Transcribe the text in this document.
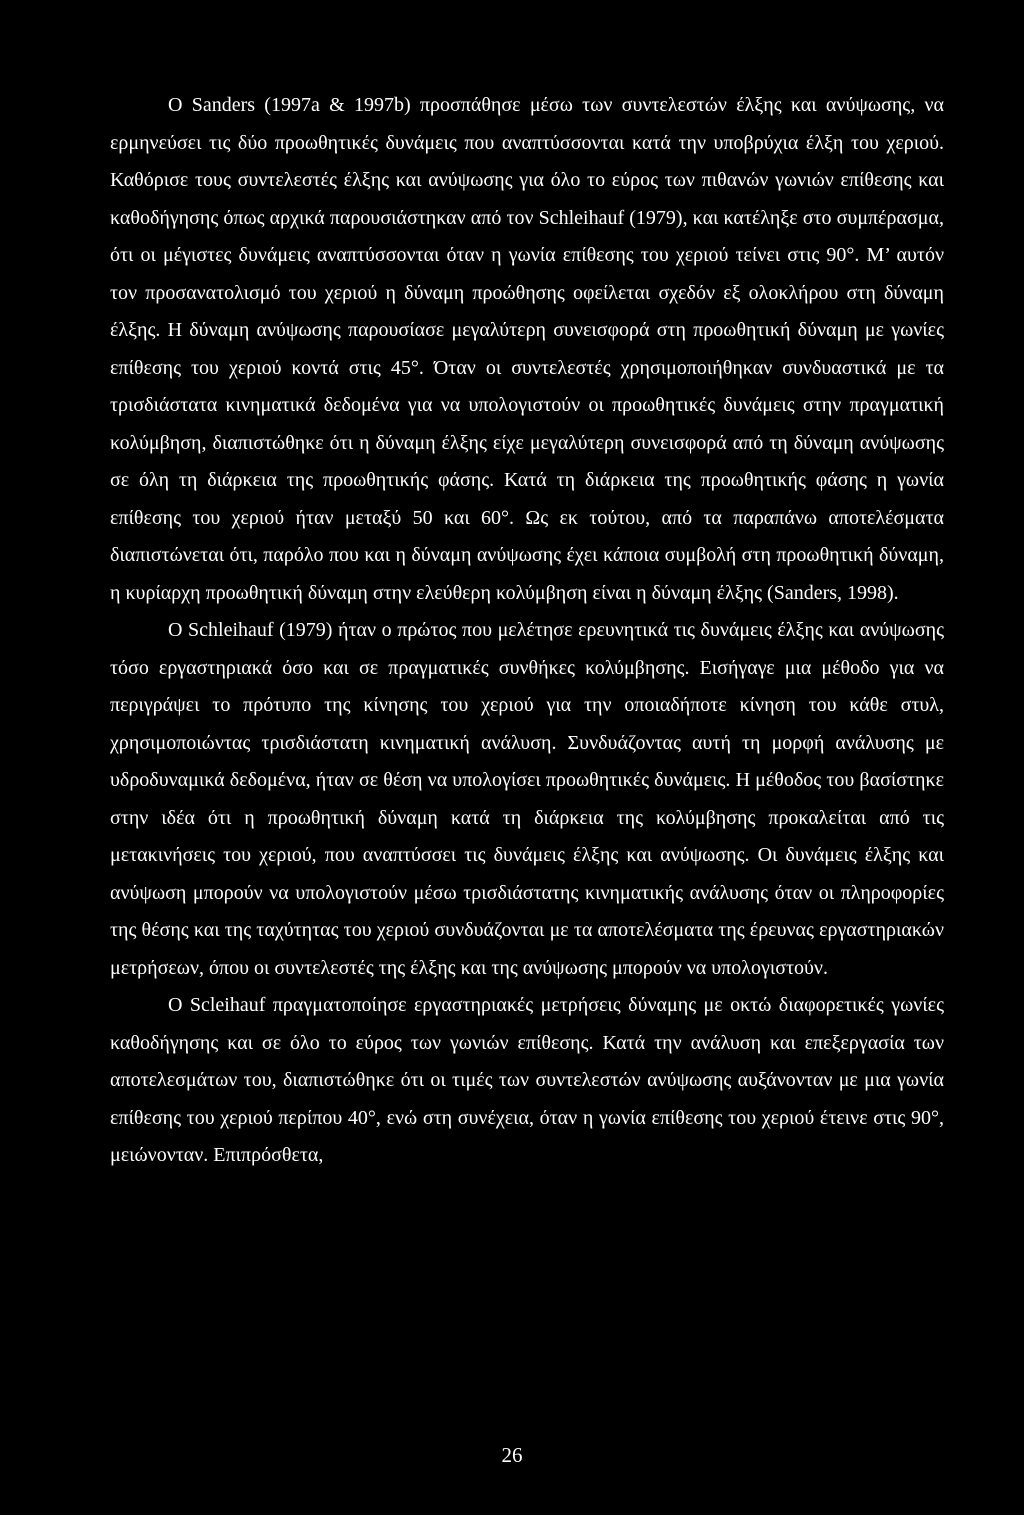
Ο Sanders (1997a & 1997b) προσπάθησε μέσω των συντελεστών έλξης και ανύψωσης, να ερμηνεύσει τις δύο προωθητικές δυνάμεις που αναπτύσσονται κατά την υποβρύχια έλξη του χεριού. Καθόρισε τους συντελεστές έλξης και ανύψωσης για όλο το εύρος των πιθανών γωνιών επίθεσης και καθοδήγησης όπως αρχικά παρουσιάστηκαν από τον Schleihauf (1979), και κατέληξε στο συμπέρασμα, ότι οι μέγιστες δυνάμεις αναπτύσσονται όταν η γωνία επίθεσης του χεριού τείνει στις 90°. Μ’ αυτόν τον προσανατολισμό του χεριού η δύναμη προώθησης οφείλεται σχεδόν εξ ολοκλήρου στη δύναμη έλξης. Η δύναμη ανύψωσης παρουσίασε μεγαλύτερη συνεισφορά στη προωθητική δύναμη με γωνίες επίθεσης του χεριού κοντά στις 45°. Όταν οι συντελεστές χρησιμοποιήθηκαν συνδυαστικά με τα τρισδιάστατα κινηματικά δεδομένα για να υπολογιστούν οι προωθητικές δυνάμεις στην πραγματική κολύμβηση, διαπιστώθηκε ότι η δύναμη έλξης είχε μεγαλύτερη συνεισφορά από τη δύναμη ανύψωσης σε όλη τη διάρκεια της προωθητικής φάσης. Κατά τη διάρκεια της προωθητικής φάσης η γωνία επίθεσης του χεριού ήταν μεταξύ 50 και 60°. Ως εκ τούτου, από τα παραπάνω αποτελέσματα διαπιστώνεται ότι, παρόλο που και η δύναμη ανύψωσης έχει κάποια συμβολή στη προωθητική δύναμη, η κυρίαρχη προωθητική δύναμη στην ελεύθερη κολύμβηση είναι η δύναμη έλξης (Sanders, 1998).

Ο Schleihauf (1979) ήταν ο πρώτος που μελέτησε ερευνητικά τις δυνάμεις έλξης και ανύψωσης τόσο εργαστηριακά όσο και σε πραγματικές συνθήκες κολύμβησης. Εισήγαγε μια μέθοδο για να περιγράψει το πρότυπο της κίνησης του χεριού για την οποιαδήποτε κίνηση του κάθε στυλ, χρησιμοποιώντας τρισδιάστατη κινηματική ανάλυση. Συνδυάζοντας αυτή τη μορφή ανάλυσης με υδροδυναμικά δεδομένα, ήταν σε θέση να υπολογίσει προωθητικές δυνάμεις. Η μέθοδος του βασίστηκε στην ιδέα ότι η προωθητική δύναμη κατά τη διάρκεια της κολύμβησης προκαλείται από τις μετακινήσεις του χεριού, που αναπτύσσει τις δυνάμεις έλξης και ανύψωσης. Οι δυνάμεις έλξης και ανύψωση μπορούν να υπολογιστούν μέσω τρισδιάστατης κινηματικής ανάλυσης όταν οι πληροφορίες της θέσης και της ταχύτητας του χεριού συνδυάζονται με τα αποτελέσματα της έρευνας εργαστηριακών μετρήσεων, όπου οι συντελεστές της έλξης και της ανύψωσης μπορούν να υπολογιστούν.

Ο Scleihauf πραγματοποίησε εργαστηριακές μετρήσεις δύναμης με οκτώ διαφορετικές γωνίες καθοδήγησης και σε όλο το εύρος των γωνιών επίθεσης. Κατά την ανάλυση και επεξεργασία των αποτελεσμάτων του, διαπιστώθηκε ότι οι τιμές των συντελεστών ανύψωσης αυξάνονταν με μια γωνία επίθεσης του χεριού περίπου 40°, ενώ στη συνέχεια, όταν η γωνία επίθεσης του χεριού έτεινε στις 90°, μειώνονταν. Επιπρόσθετα,

26
